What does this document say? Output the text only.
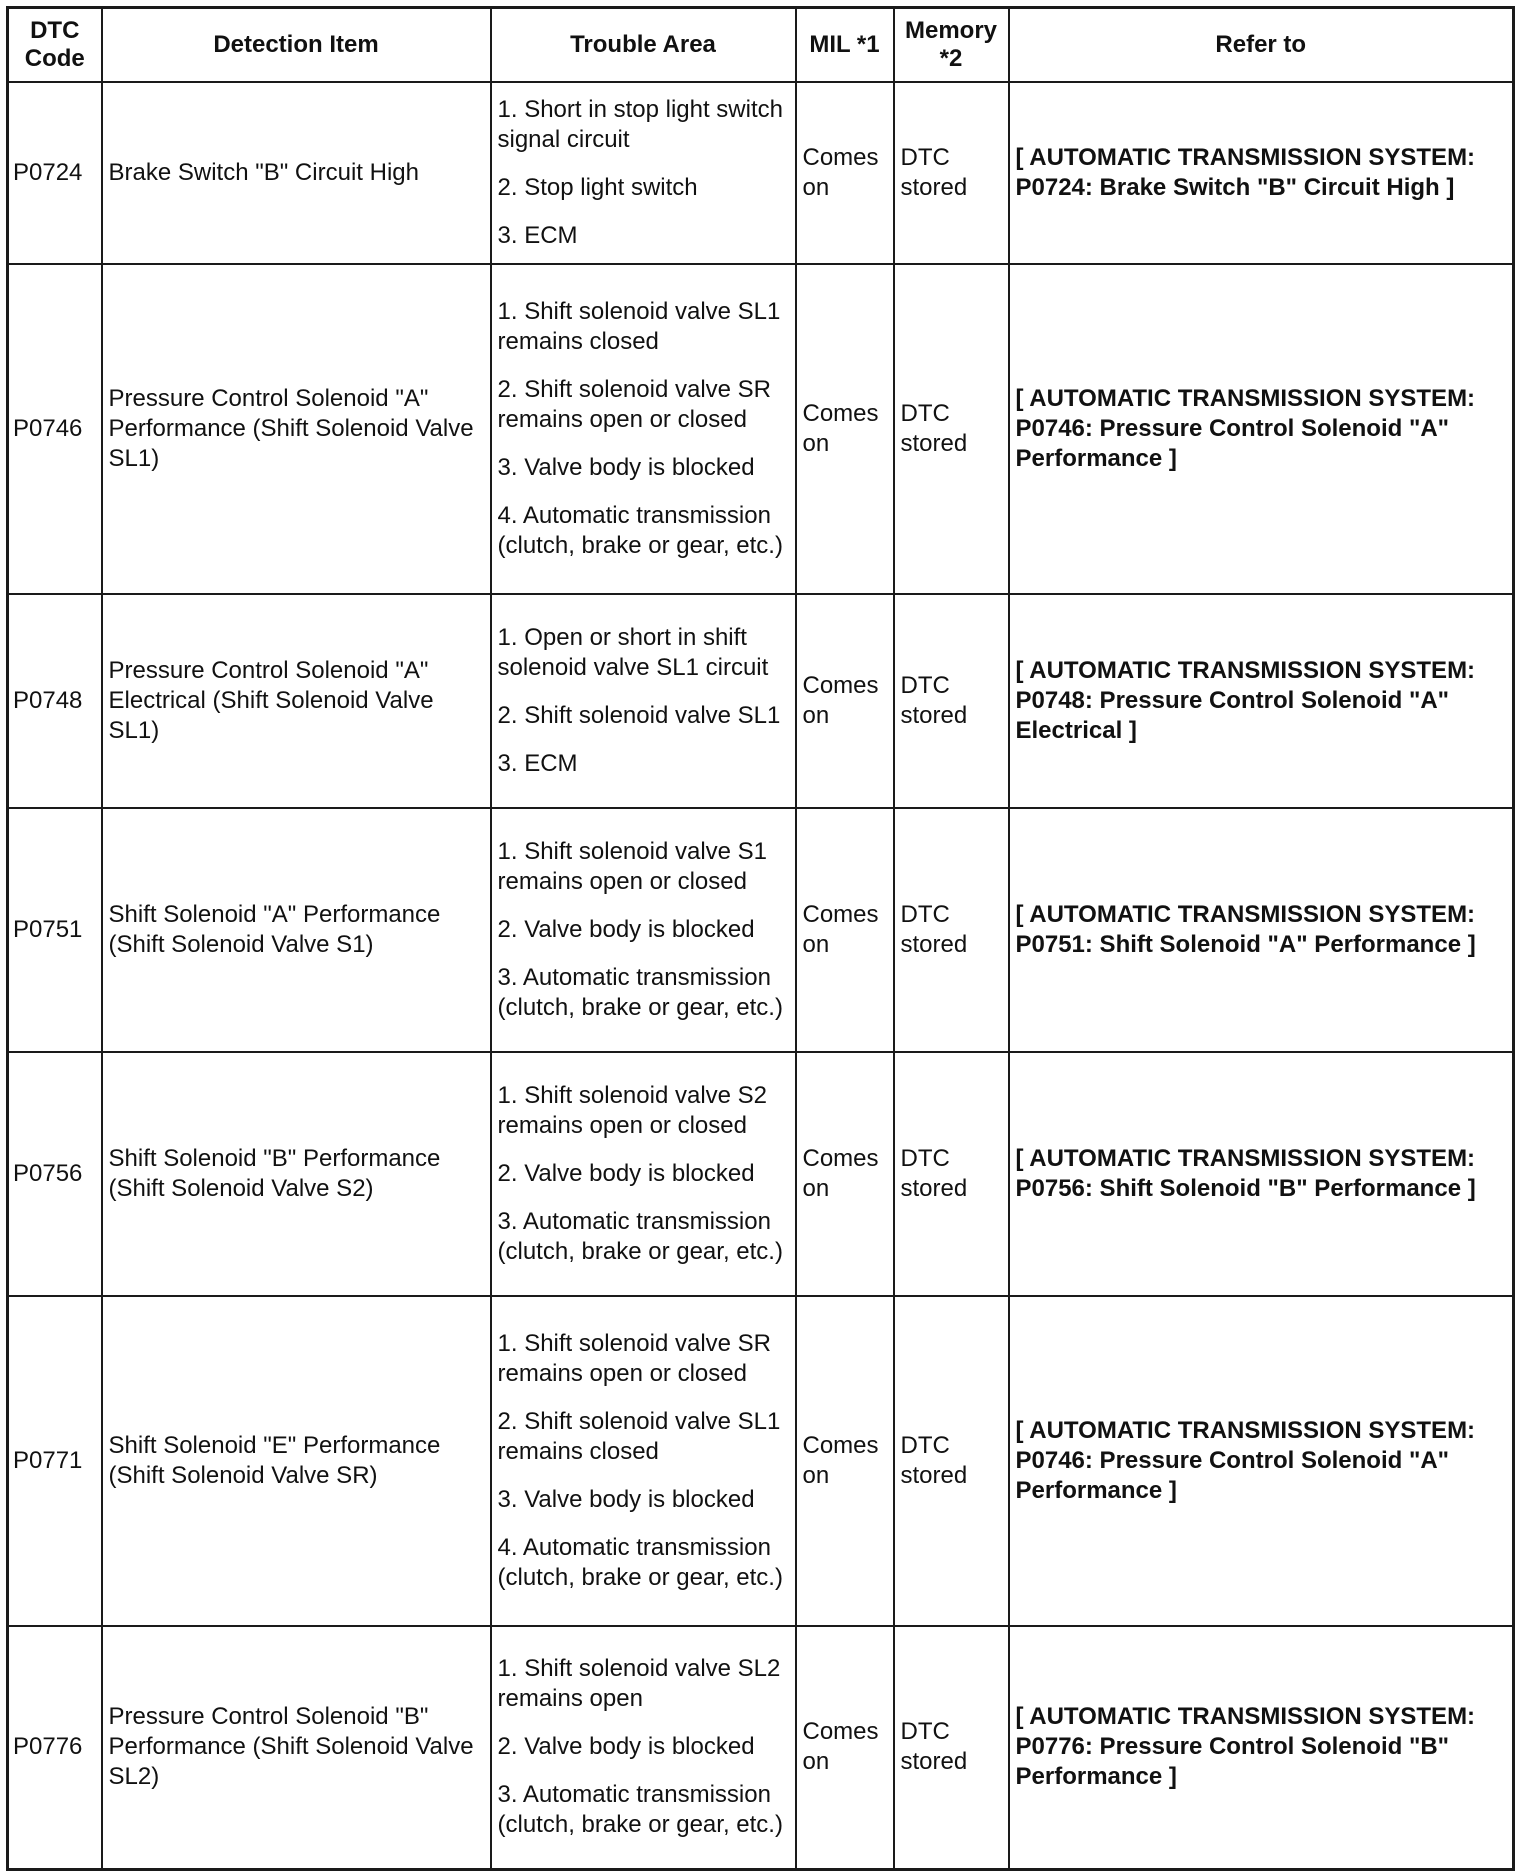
DTC Code	Detection Item	Trouble Area	MIL *1	Memory *2	Refer to
P0724	Brake Switch "B" Circuit High	1 . Short in stop light switch signal circuit
2 . Stop light switch
3 . ECM	Comes on	DTC stored	[ AUTOMATIC TRANSMISSION SYSTEM: P0724: Brake Switch "B" Circuit High ]
P0746	Pressure Control Solenoid "A" Performance (Shift Solenoid Valve SL1)	1 . Shift solenoid valve SL1 remains closed
2 . Shift solenoid valve SR remains open or closed
3 . Valve body is blocked
4 . Automatic transmission (clutch, brake or gear, etc.)	Comes on	DTC stored	[ AUTOMATIC TRANSMISSION SYSTEM: P0746: Pressure Control Solenoid "A" Performance ]
P0748	Pressure Control Solenoid "A" Electrical (Shift Solenoid Valve SL1)	1 . Open or short in shift solenoid valve SL1 circuit
2 . Shift solenoid valve SL1
3 . ECM	Comes on	DTC stored	[ AUTOMATIC TRANSMISSION SYSTEM: P0748: Pressure Control Solenoid "A" Electrical ]
P0751	Shift Solenoid "A" Performance (Shift Solenoid Valve S1)	1 . Shift solenoid valve S1 remains open or closed
2 . Valve body is blocked
3 . Automatic transmission (clutch, brake or gear, etc.)	Comes on	DTC stored	[ AUTOMATIC TRANSMISSION SYSTEM: P0751: Shift Solenoid "A" Performance ]
P0756	Shift Solenoid "B" Performance (Shift Solenoid Valve S2)	1 . Shift solenoid valve S2 remains open or closed
2 . Valve body is blocked
3 . Automatic transmission (clutch, brake or gear, etc.)	Comes on	DTC stored	[ AUTOMATIC TRANSMISSION SYSTEM: P0756: Shift Solenoid "B" Performance ]
P0771	Shift Solenoid "E" Performance (Shift Solenoid Valve SR)	1 . Shift solenoid valve SR remains open or closed
2 . Shift solenoid valve SL1 remains closed
3 . Valve body is blocked
4 . Automatic transmission (clutch, brake or gear, etc.)	Comes on	DTC stored	[ AUTOMATIC TRANSMISSION SYSTEM: P0746: Pressure Control Solenoid "A" Performance ]
P0776	Pressure Control Solenoid "B" Performance (Shift Solenoid Valve SL2)	1 . Shift solenoid valve SL2 remains open
2 . Valve body is blocked
3 . Automatic transmission (clutch, brake or gear, etc.)	Comes on	DTC stored	[ AUTOMATIC TRANSMISSION SYSTEM: P0776: Pressure Control Solenoid "B" Performance ]
